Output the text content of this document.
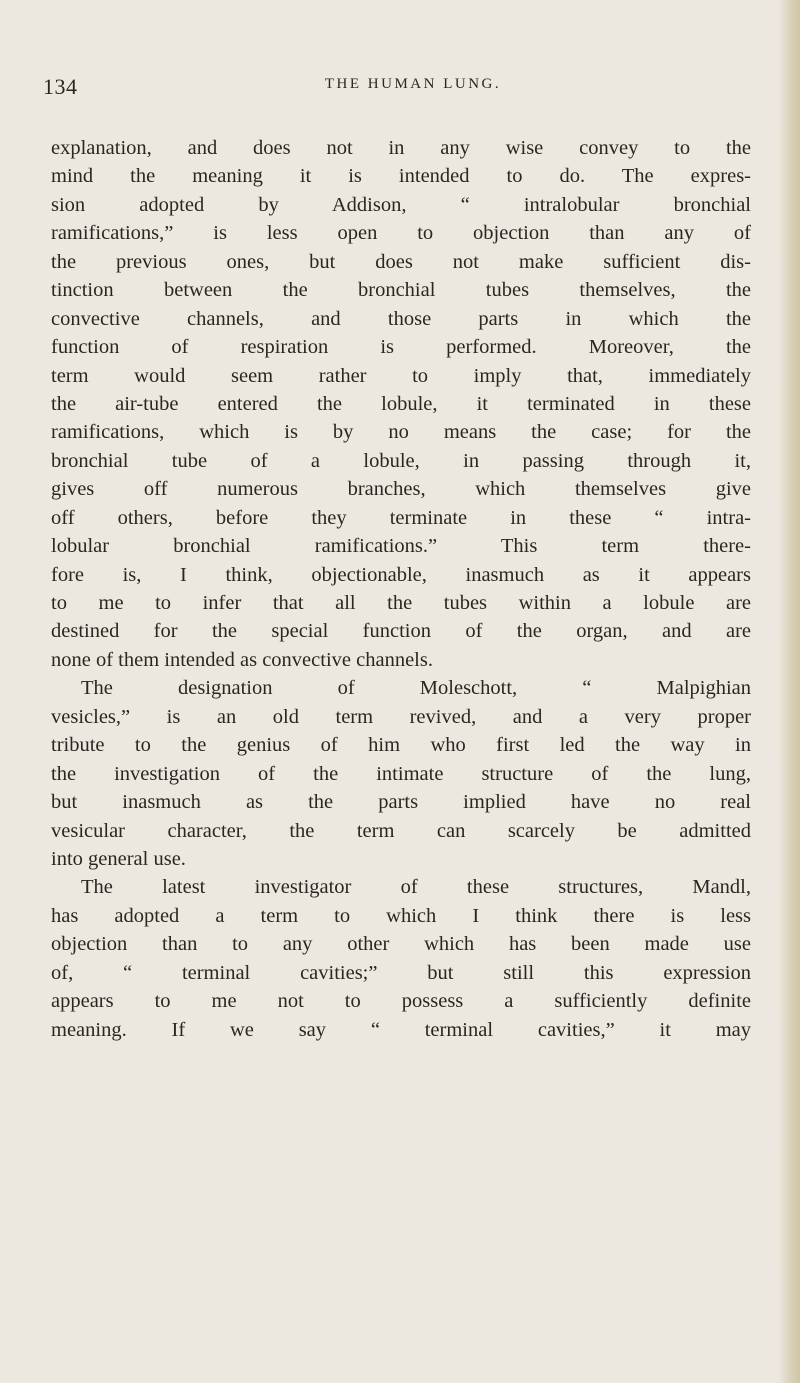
134	THE HUMAN LUNG.
explanation, and does not in any wise convey to the
mind the meaning it is intended to do. The expres-
sion adopted by Addison, “ intralobular bronchial
ramifications,” is less open to objection than any of
the previous ones, but does not make sufficient dis-
tinction between the bronchial tubes themselves, the
convective channels, and those parts in which the
function of respiration is performed. Moreover, the
term would seem rather to imply that, immediately
the air-tube entered the lobule, it terminated in these
ramifications, which is by no means the case; for the
bronchial tube of a lobule, in passing through it,
gives off numerous branches, which themselves give
off others, before they terminate in these “ intra-
lobular bronchial ramifications.” This term there-
fore is, I think, objectionable, inasmuch as it appears
to me to infer that all the tubes within a lobule are
destined for the special function of the organ, and are
none of them intended as convective channels.
The designation of Moleschott, “ Malpighian
vesicles,” is an old term revived, and a very proper
tribute to the genius of him who first led the way in
the investigation of the intimate structure of the lung,
but inasmuch as the parts implied have no real
vesicular character, the term can scarcely be admitted
into general use.
The latest investigator of these structures, Mandl,
has adopted a term to which I think there is less
objection than to any other which has been made use
of, “ terminal cavities;” but still this expression
appears to me not to possess a sufficiently definite
meaning. If we say “ terminal cavities,” it may
